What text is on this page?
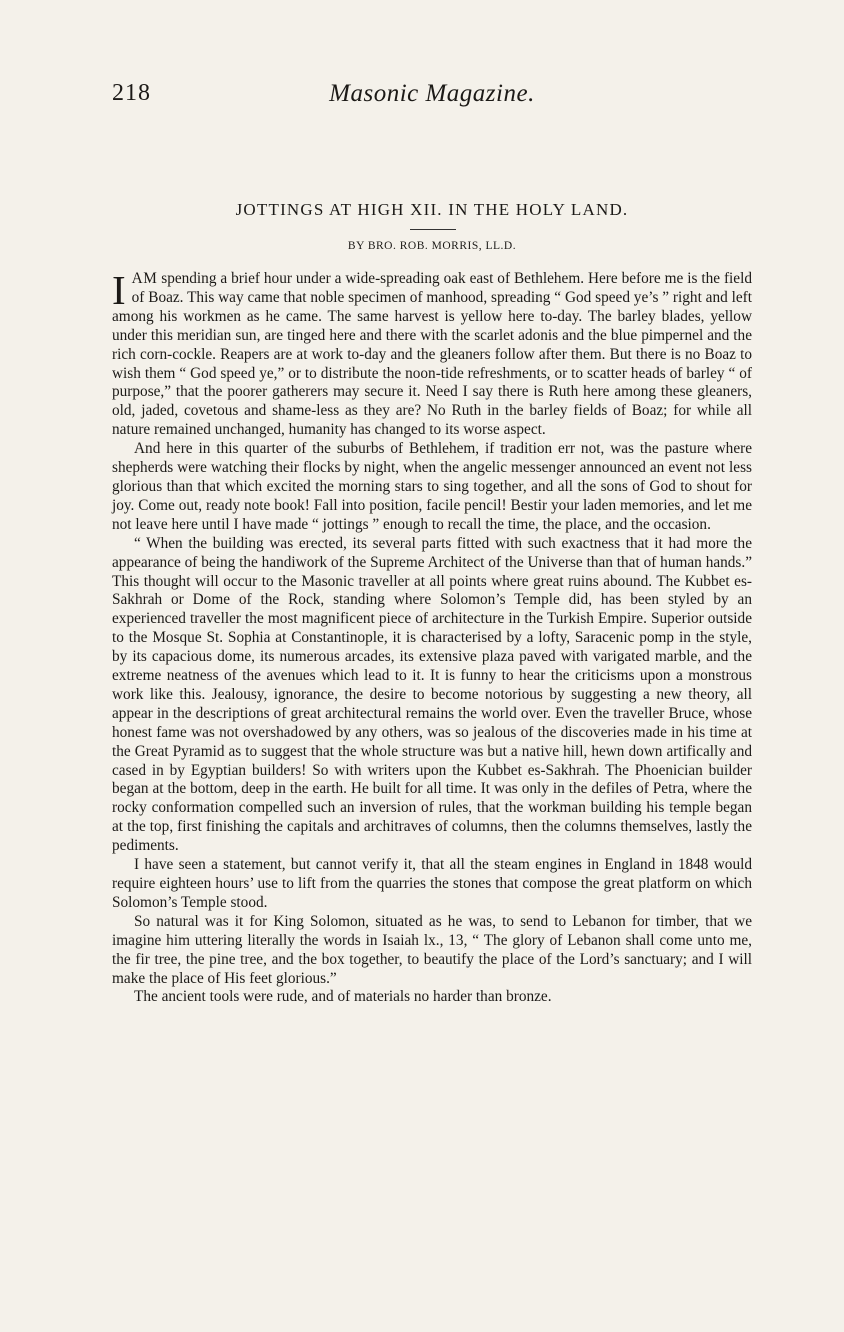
218	Masonic Magazine.
JOTTINGS AT HIGH XII. IN THE HOLY LAND.
BY BRO. ROB. MORRIS, LL.D.

IAM spending a brief hour under a wide-spreading oak east of Bethlehem. Here before me is the field of Boaz. This way came that noble specimen of manhood, spreading “ God speed ye’s ” right and left among his workmen as he came. The same harvest is yellow here to-day. The barley blades, yellow under this meridian sun, are tinged here and there with the scarlet adonis and the blue pimpernel and the rich corn-cockle. Reapers are at work to-day and the gleaners follow after them. But there is no Boaz to wish them “ God speed ye,” or to distribute the noon-tide refreshments, or to scatter heads of barley “ of purpose,” that the poorer gatherers may secure it. Need I say there is Ruth here among these gleaners, old, jaded, covetous and shame-less as they are? No Ruth in the barley fields of Boaz; for while all nature remained unchanged, humanity has changed to its worse aspect.

And here in this quarter of the suburbs of Bethlehem, if tradition err not, was the pasture where shepherds were watching their flocks by night, when the angelic messenger announced an event not less glorious than that which excited the morning stars to sing together, and all the sons of God to shout for joy. Come out, ready note book! Fall into position, facile pencil! Bestir your laden memories, and let me not leave here until I have made “ jottings ” enough to recall the time, the place, and the occasion.

“ When the building was erected, its several parts fitted with such exactness that it had more the appearance of being the handiwork of the Supreme Architect of the Universe than that of human hands.” This thought will occur to the Masonic traveller at all points where great ruins abound. The Kubbet es-Sakhrah or Dome of the Rock, standing where Solomon’s Temple did, has been styled by an experienced traveller the most magnificent piece of architecture in the Turkish Empire. Superior outside to the Mosque St. Sophia at Constantinople, it is characterised by a lofty, Saracenic pomp in the style, by its capacious dome, its numerous arcades, its extensive plaza paved with varigated marble, and the extreme neatness of the avenues which lead to it. It is funny to hear the criticisms upon a monstrous work like this. Jealousy, ignorance, the desire to become notorious by suggesting a new theory, all appear in the descriptions of great architectural remains the world over. Even the traveller Bruce, whose honest fame was not overshadowed by any others, was so jealous of the discoveries made in his time at the Great Pyramid as to suggest that the whole structure was but a native hill, hewn down artifically and cased in by Egyptian builders! So with writers upon the Kubbet es-Sakhrah. The Phoenician builder began at the bottom, deep in the earth. He built for all time. It was only in the defiles of Petra, where the rocky conformation compelled such an inversion of rules, that the workman building his temple began at the top, first finishing the capitals and architraves of columns, then the columns themselves, lastly the pediments.

I have seen a statement, but cannot verify it, that all the steam engines in England in 1848 would require eighteen hours’ use to lift from the quarries the stones that compose the great platform on which Solomon’s Temple stood.

So natural was it for King Solomon, situated as he was, to send to Lebanon for timber, that we imagine him uttering literally the words in Isaiah lx., 13, “ The glory of Lebanon shall come unto me, the fir tree, the pine tree, and the box together, to beautify the place of the Lord’s sanctuary; and I will make the place of His feet glorious.”

The ancient tools were rude, and of materials no harder than bronze.
